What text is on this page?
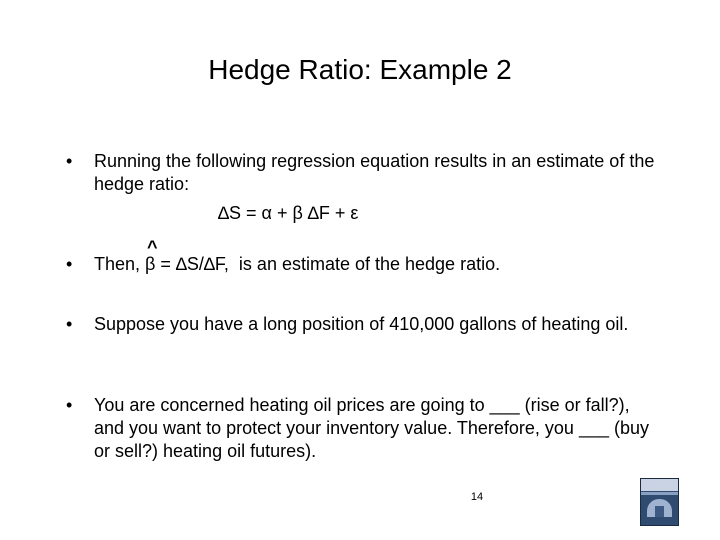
Hedge Ratio: Example 2
•	Running the following regression equation results in an estimate of the hedge ratio:
∆S = α + β ∆F + ε
^
•	Then, β = ∆S/∆F,  is an estimate of the hedge ratio.
•	Suppose you have a long position of 410,000 gallons of heating oil.
•	You are concerned heating oil prices are going to ___ (rise or fall?), and you want to protect your inventory value. Therefore, you ___ (buy or sell?) heating oil futures).
14
